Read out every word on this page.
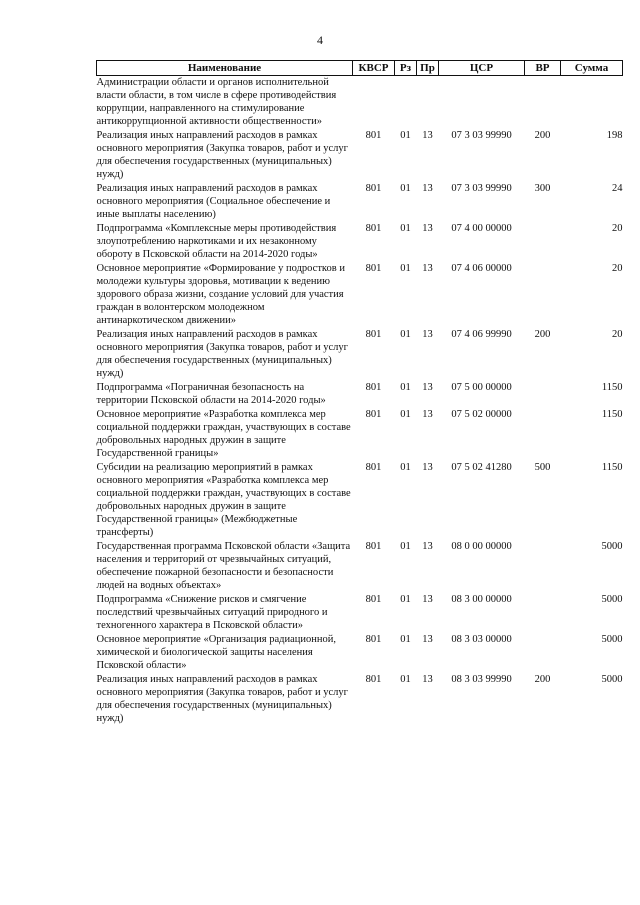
4
Наименование	КВСР	Рз	Пр	ЦСР	ВР	Сумма
Администрации области и органов исполнительной власти области, в том числе в сфере противодействия коррупции, направленного на стимулирование антикоррупционной активности общественности»						
Реализация иных направлений расходов в рамках основного мероприятия (Закупка товаров, работ и услуг для обеспечения государственных (муниципальных) нужд)	801	01	13	07 3 03 99990	200	198
Реализация иных направлений расходов в рамках основного мероприятия (Социальное обеспечение и иные выплаты населению)	801	01	13	07 3 03 99990	300	24
Подпрограмма «Комплексные меры противодействия злоупотреблению наркотиками и их незаконному обороту в Псковской области на 2014-2020 годы»	801	01	13	07 4 00 00000		20
Основное мероприятие «Формирование у подростков и молодежи культуры здоровья, мотивации к ведению здорового образа жизни, создание условий для участия граждан в волонтерском молодежном антинаркотическом движении»	801	01	13	07 4 06 00000		20
Реализация иных направлений расходов в рамках основного мероприятия (Закупка товаров, работ и услуг для обеспечения государственных (муниципальных) нужд)	801	01	13	07 4 06 99990	200	20
Подпрограмма «Пограничная безопасность на территории Псковской области на 2014-2020 годы»	801	01	13	07 5 00 00000		1150
Основное мероприятие «Разработка комплекса мер социальной поддержки граждан, участвующих в составе добровольных народных дружин в защите Государственной границы»	801	01	13	07 5 02 00000		1150
Субсидии на реализацию мероприятий в рамках основного мероприятия «Разработка комплекса мер социальной поддержки граждан, участвующих в составе добровольных народных дружин в защите Государственной границы» (Межбюджетные трансферты)	801	01	13	07 5 02 41280	500	1150
Государственная программа Псковской области «Защита населения и территорий от чрезвычайных ситуаций, обеспечение пожарной безопасности и безопасности людей на водных объектах»	801	01	13	08 0 00 00000		5000
Подпрограмма «Снижение рисков и смягчение последствий чрезвычайных ситуаций природного и техногенного характера в Псковской области»	801	01	13	08 3 00 00000		5000
Основное мероприятие «Организация радиационной, химической и биологической защиты населения Псковской области»	801	01	13	08 3 03 00000		5000
Реализация иных направлений расходов в рамках основного мероприятия (Закупка товаров, работ и услуг для обеспечения государственных (муниципальных) нужд)	801	01	13	08 3 03 99990	200	5000
